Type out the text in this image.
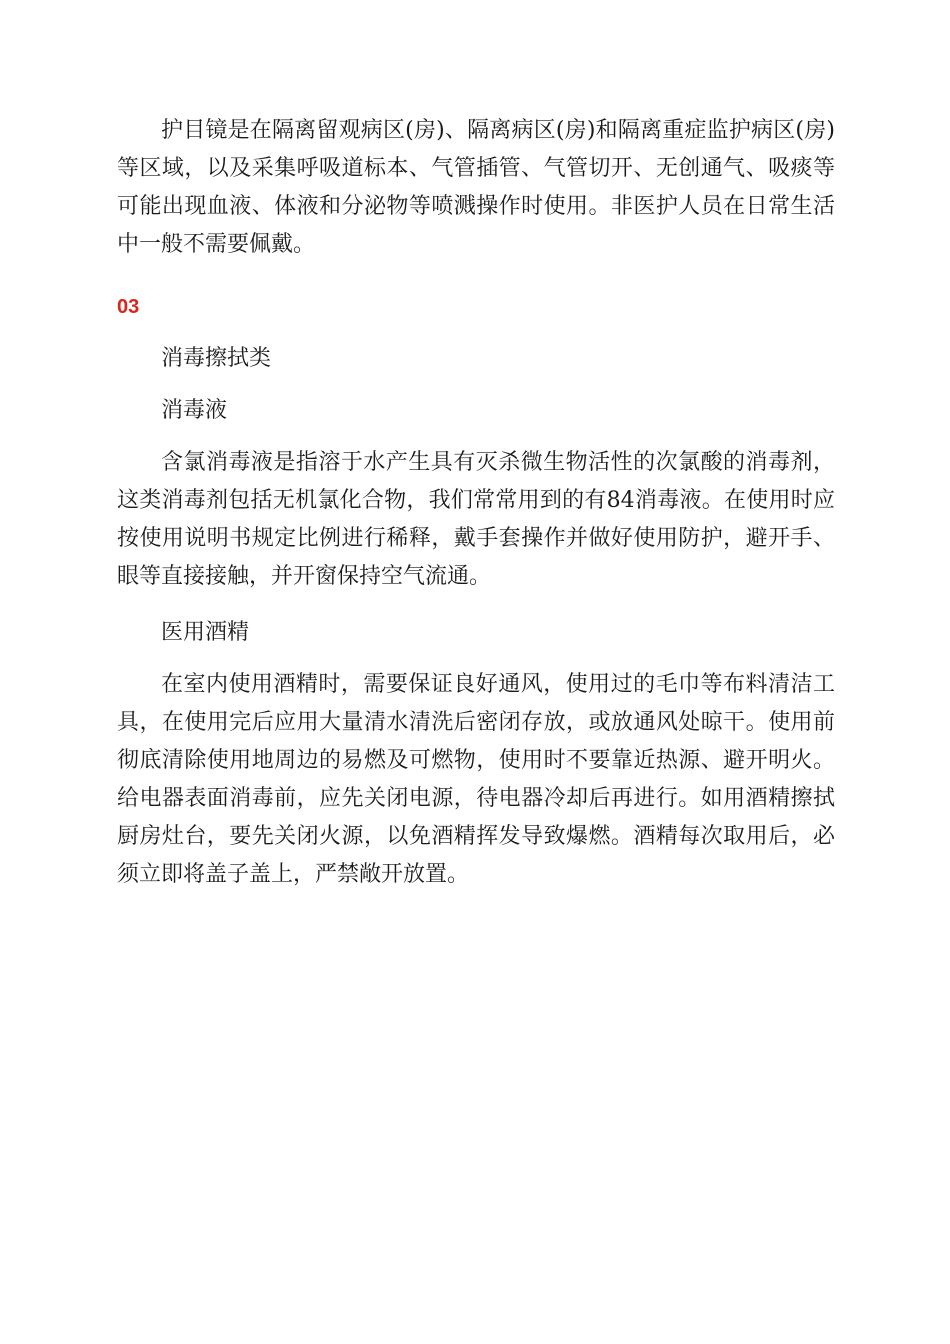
护目镜是在隔离留观病区(房)、隔离病区(房)和隔离重症监护病区(房)等区域，以及采集呼吸道标本、气管插管、气管切开、无创通气、吸痰等可能出现血液、体液和分泌物等喷溅操作时使用。非医护人员在日常生活中一般不需要佩戴。

03

消毒擦拭类

消毒液

含氯消毒液是指溶于水产生具有灭杀微生物活性的次氯酸的消毒剂，这类消毒剂包括无机氯化合物，我们常常用到的有84消毒液。在使用时应按使用说明书规定比例进行稀释，戴手套操作并做好使用防护，避开手、眼等直接接触，并开窗保持空气流通。

医用酒精

在室内使用酒精时，需要保证良好通风，使用过的毛巾等布料清洁工具，在使用完后应用大量清水清洗后密闭存放，或放通风处晾干。使用前彻底清除使用地周边的易燃及可燃物，使用时不要靠近热源、避开明火。给电器表面消毒前，应先关闭电源，待电器冷却后再进行。如用酒精擦拭厨房灶台，要先关闭火源，以免酒精挥发导致爆燃。酒精每次取用后，必须立即将盖子盖上，严禁敞开放置。
